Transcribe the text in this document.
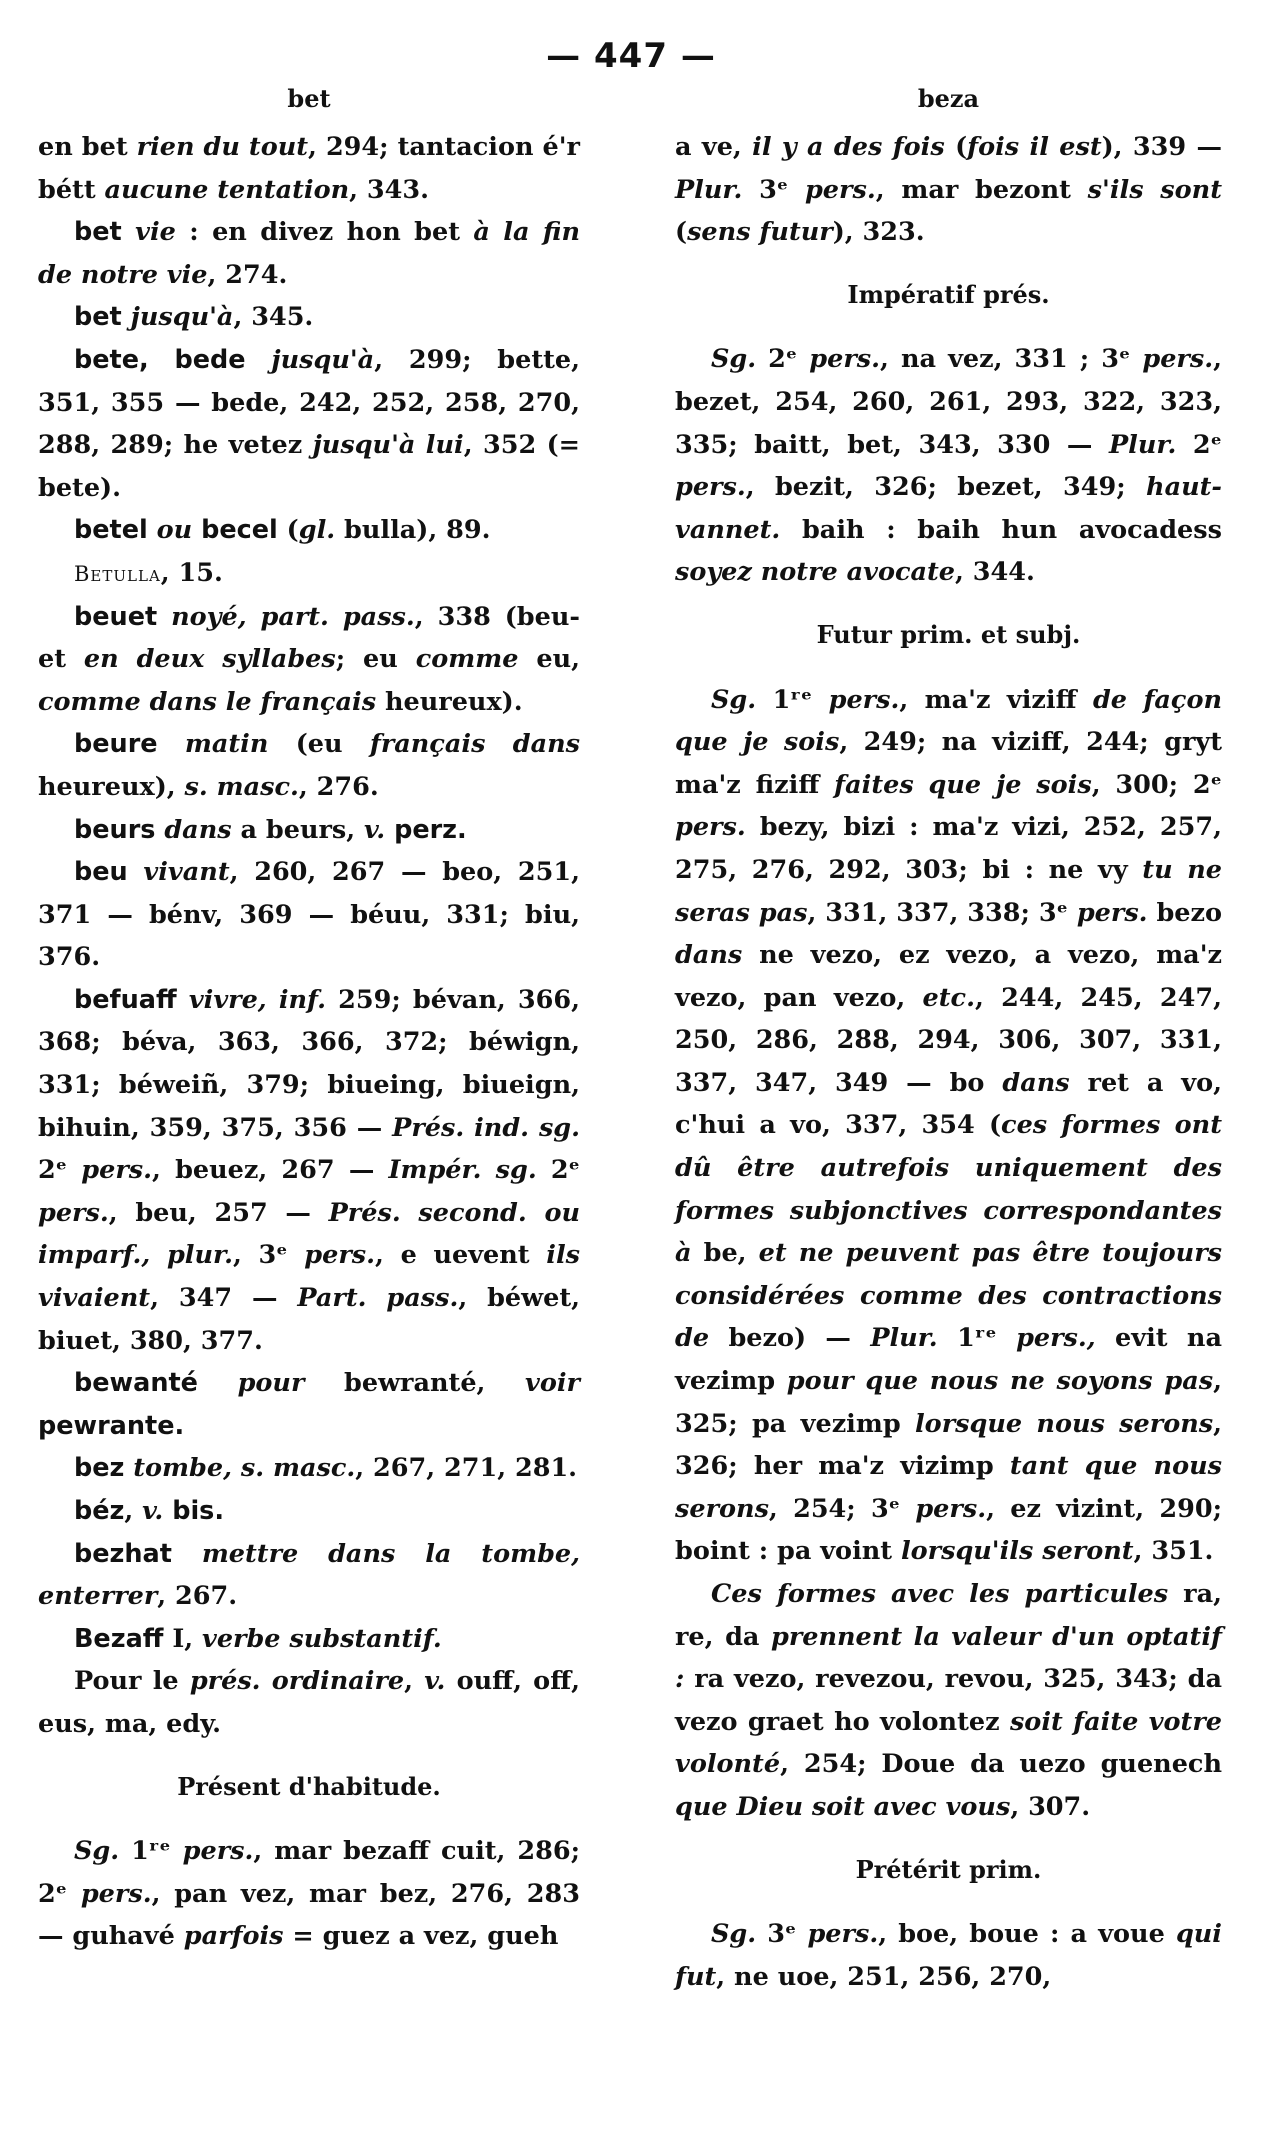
— 447 —
bet
en bet rien du tout, 294; tantacion é'r bétt aucune tentation, 343.
bet vie : en divez hon bet à la fin de notre vie, 274.
bet jusqu'à, 345.
bete, bede jusqu'à, 299; bette, 351, 355 — bede, 242, 252, 258, 270, 288, 289; he vetez jusqu'à lui, 352 (= bete).
betel ou becel (gl. bulla), 89.
Betulla, 15.
beuet noyé, part. pass., 338 (beu-et en deux syllabes; eu comme eu, comme dans le français heureux).
beure matin (eu français dans heureux), s. masc., 276.
beurs dans a beurs, v. perz.
beu vivant, 260, 267 — beo, 251, 371 — bénv, 369 — béuu, 331; biu, 376.
befuaff vivre, inf. 259; bévan, 366, 368; béva, 363, 366, 372; béwign, 331; béweiñ, 379; biueing, biueign, bihuin, 359, 375, 356 — Prés. ind. sg. 2ᵉ pers., beuez, 267 — Impér. sg. 2ᵉ pers., beu, 257 — Prés. second. ou imparf., plur., 3ᵉ pers., e uevent ils vivaient, 347 — Part. pass., béwet, biuet, 380, 377.
bewanté pour bewranté, voir pewrante.
bez tombe, s. masc., 267, 271, 281.
béz, v. bis.
bezhat mettre dans la tombe, enterrer, 267.
Bezaff I, verbe substantif.
Pour le prés. ordinaire, v. ouff, off, eus, ma, edy.
Présent d'habitude.
Sg. 1ʳᵉ pers., mar bezaff cuit, 286; 2ᵉ pers., pan vez, mar bez, 276, 283 — guhavé parfois = guez a vez, gueh
beza
a ve, il y a des fois (fois il est), 339 — Plur. 3ᵉ pers., mar bezont s'ils sont (sens futur), 323.
Impératif prés.
Sg. 2ᵉ pers., na vez, 331 ; 3ᵉ pers., bezet, 254, 260, 261, 293, 322, 323, 335; baitt, bet, 343, 330 — Plur. 2ᵉ pers., bezit, 326; bezet, 349; haut-vannet. baih : baih hun avocadess soyez notre avocate, 344.
Futur prim. et subj.
Sg. 1ʳᵉ pers., ma'z viziff de façon que je sois, 249; na viziff, 244; gryt ma'z fiziff faites que je sois, 300; 2ᵉ pers. bezy, bizi : ma'z vizi, 252, 257, 275, 276, 292, 303; bi : ne vy tu ne seras pas, 331, 337, 338; 3ᵉ pers. bezo dans ne vezo, ez vezo, a vezo, ma'z vezo, pan vezo, etc., 244, 245, 247, 250, 286, 288, 294, 306, 307, 331, 337, 347, 349 — bo dans ret a vo, c'hui a vo, 337, 354 (ces formes ont dû être autrefois uniquement des formes subjonctives correspondantes à be, et ne peuvent pas être toujours considérées comme des contractions de bezo) — Plur. 1ʳᵉ pers., evit na vezimp pour que nous ne soyons pas, 325; pa vezimp lorsque nous serons, 326; her ma'z vizimp tant que nous serons, 254; 3ᵉ pers., ez vizint, 290; boint : pa voint lorsqu'ils seront, 351.
Ces formes avec les particules ra, re, da prennent la valeur d'un optatif : ra vezo, revezou, revou, 325, 343; da vezo graet ho volontez soit faite votre volonté, 254; Doue da uezo guenech que Dieu soit avec vous, 307.
Prétérit prim.
Sg. 3ᵉ pers., boe, boue : a voue qui fut, ne uoe, 251, 256, 270,
